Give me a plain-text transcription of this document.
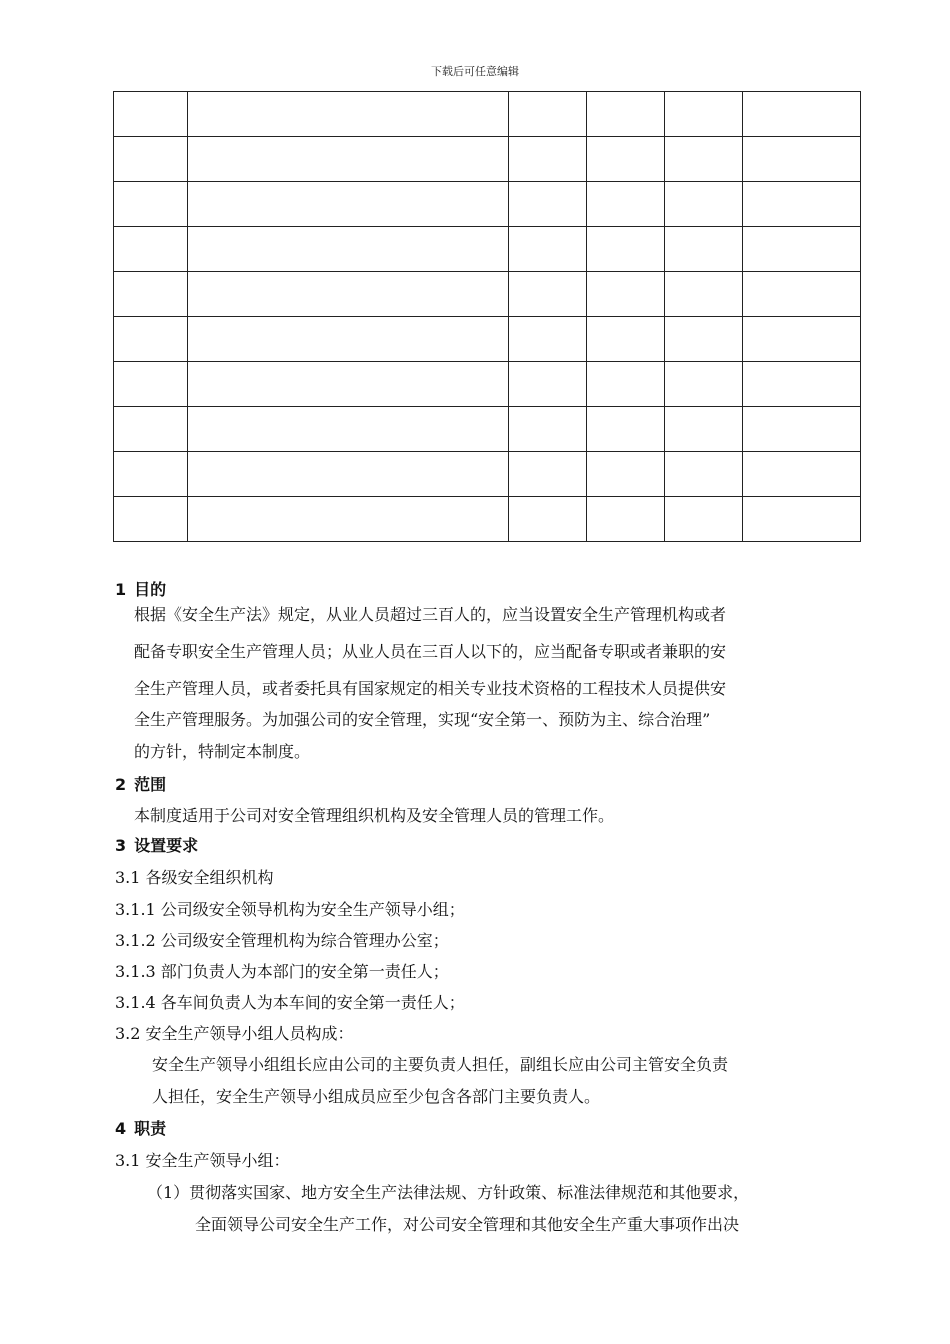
下载后可任意编辑

1 目的
根据《安全生产法》规定，从业人员超过三百人的，应当设置安全生产管理机构或者
配备专职安全生产管理人员；从业人员在三百人以下的，应当配备专职或者兼职的安
全生产管理人员，或者委托具有国家规定的相关专业技术资格的工程技术人员提供安
全生产管理服务。为加强公司的安全管理，实现“安全第一、预防为主、综合治理”
的方针，特制定本制度。
2 范围
本制度适用于公司对安全管理组织机构及安全管理人员的管理工作。
3 设置要求
3.1 各级安全组织机构
3.1.1 公司级安全领导机构为安全生产领导小组；
3.1.2 公司级安全管理机构为综合管理办公室；
3.1.3 部门负责人为本部门的安全第一责任人；
3.1.4 各车间负责人为本车间的安全第一责任人；
3.2 安全生产领导小组人员构成：
安全生产领导小组组长应由公司的主要负责人担任，副组长应由公司主管安全负责
人担任，安全生产领导小组成员应至少包含各部门主要负责人。
4 职责
3.1 安全生产领导小组：
（1）贯彻落实国家、地方安全生产法律法规、方针政策、标准法律规范和其他要求，
全面领导公司安全生产工作，对公司安全管理和其他安全生产重大事项作出决
